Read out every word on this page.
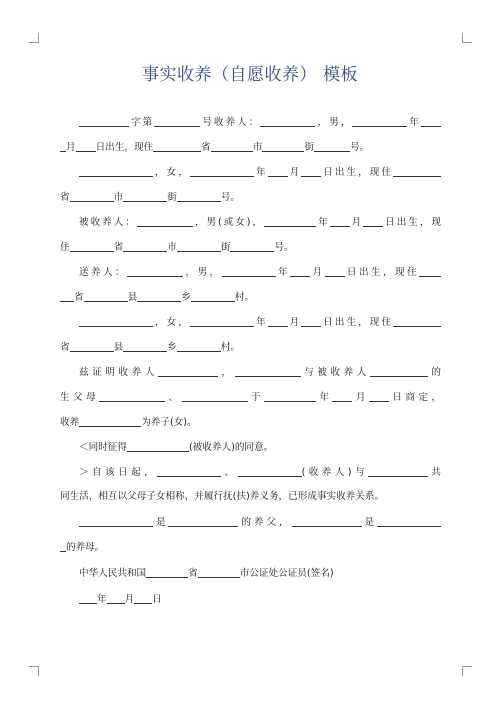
事实收养（自愿收养） 模板
字第	号收养人：	，男，	年
月 日出生，现住	省	市	街	号。
，女，	年 月 日出生，现住
省	市	街	号。
被收养人：	，男(或女)，	年 月 日出生，现
住	省	市	街	号。
送养人：	，男，	年 月 日出生，现住
省	县	乡	村。
，女，	年 月 日出生，现住
省	县	乡	村。
兹证明收养人	，	与被收养人	的
生父母	、	于	年 月 日商定，
收养	为养子(女)。
＜同时征得	(被收养人)的同意。
＞自该日起，	、	(收养人)与	共
同生活，相互以父母子女相称，并履行抚(扶)养义务，已形成事实收养关系。
是	的养父，	是
的养母。
中华人民共和国	省	市公证处公证员(签名)
年 月 日
